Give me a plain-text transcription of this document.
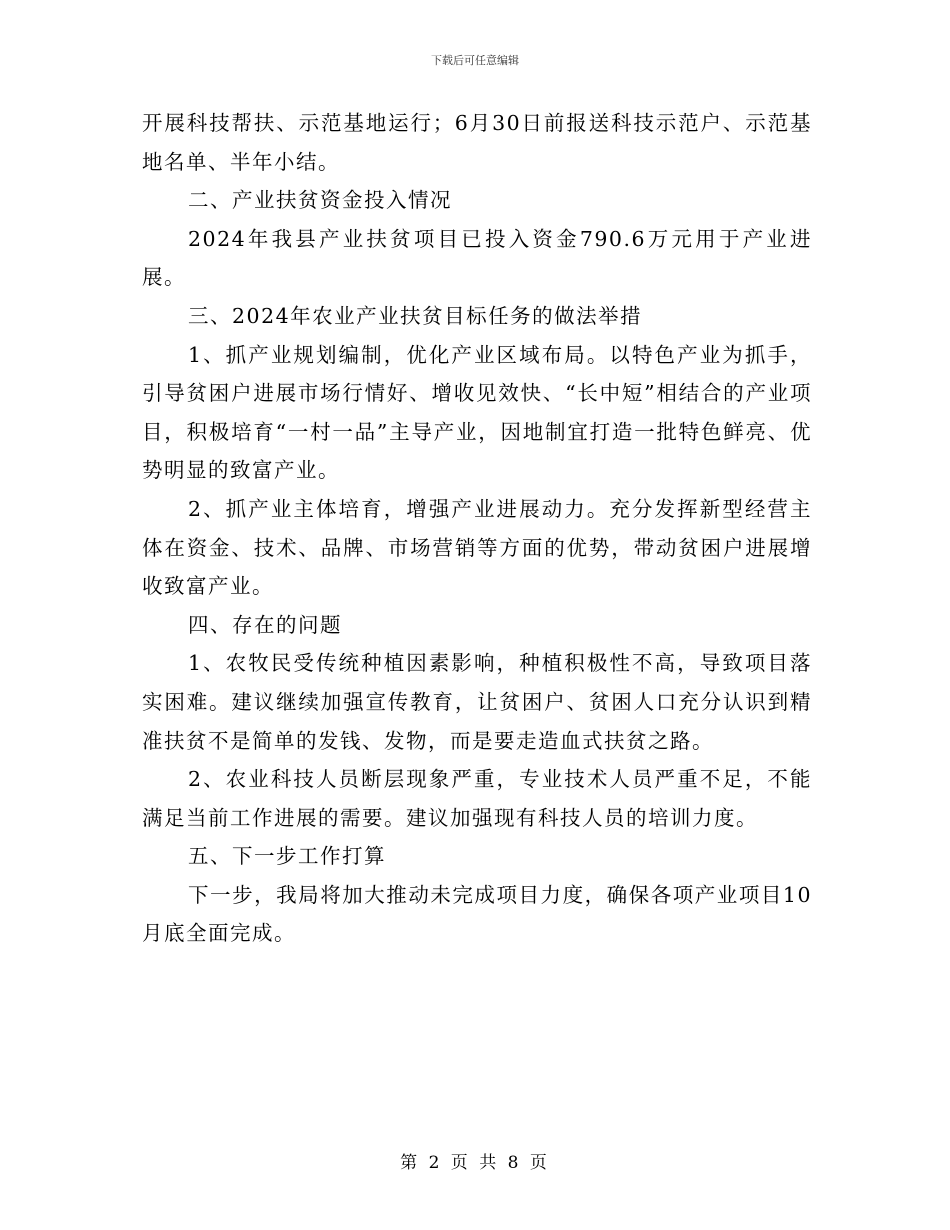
下载后可任意编辑

开展科技帮扶、示范基地运行；6月30日前报送科技示范户、示范基地名单、半年小结。

二、产业扶贫资金投入情况

2024年我县产业扶贫项目已投入资金790.6万元用于产业进展。

三、2024年农业产业扶贫目标任务的做法举措

1、抓产业规划编制，优化产业区域布局。以特色产业为抓手，引导贫困户进展市场行情好、增收见效快、“长中短”相结合的产业项目，积极培育“一村一品”主导产业，因地制宜打造一批特色鲜亮、优势明显的致富产业。

2、抓产业主体培育，增强产业进展动力。充分发挥新型经营主体在资金、技术、品牌、市场营销等方面的优势，带动贫困户进展增收致富产业。

四、存在的问题

1、农牧民受传统种植因素影响，种植积极性不高，导致项目落实困难。建议继续加强宣传教育，让贫困户、贫困人口充分认识到精准扶贫不是简单的发钱、发物，而是要走造血式扶贫之路。

2、农业科技人员断层现象严重，专业技术人员严重不足，不能满足当前工作进展的需要。建议加强现有科技人员的培训力度。

五、下一步工作打算

下一步，我局将加大推动未完成项目力度，确保各项产业项目10月底全面完成。

第 2 页 共 8 页
